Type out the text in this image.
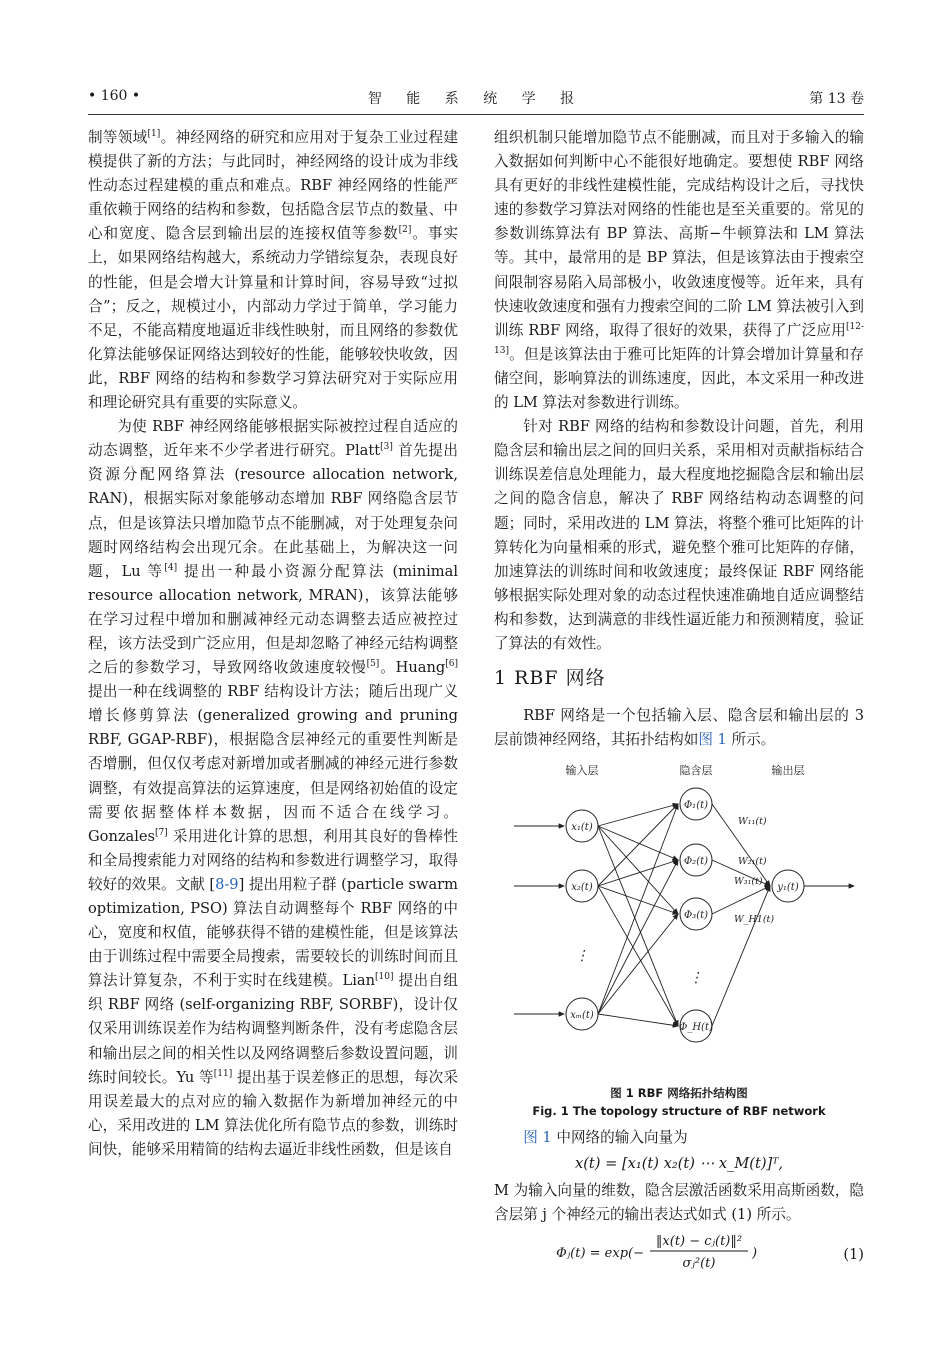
• 160 •	智 能 系 统 学 报	第 13 卷

制等领域[1]。神经网络的研究和应用对于复杂工业过程建模提供了新的方法；与此同时，神经网络的设计成为非线性动态过程建模的重点和难点。RBF 神经网络的性能严重依赖于网络的结构和参数，包括隐含层节点的数量、中心和宽度、隐含层到输出层的连接权值等参数[2]。事实上，如果网络结构越大，系统动力学错综复杂，表现良好的性能，但是会增大计算量和计算时间，容易导致“过拟合”；反之，规模过小，内部动力学过于简单，学习能力不足，不能高精度地逼近非线性映射，而且网络的参数优化算法能够保证网络达到较好的性能，能够较快收敛，因此，RBF 网络的结构和参数学习算法研究对于实际应用和理论研究具有重要的实际意义。

为使 RBF 神经网络能够根据实际被控过程自适应的动态调整，近年来不少学者进行研究。Platt[3] 首先提出资源分配网络算法 (resource allocation network, RAN)，根据实际对象能够动态增加 RBF 网络隐含层节点，但是该算法只增加隐节点不能删减，对于处理复杂问题时网络结构会出现冗余。在此基础上，为解决这一问题，Lu 等[4] 提出一种最小资源分配算法 (minimal resource allocation network, MRAN)，该算法能够在学习过程中增加和删减神经元动态调整去适应被控过程，该方法受到广泛应用，但是却忽略了神经元结构调整之后的参数学习，导致网络收敛速度较慢[5]。Huang[6] 提出一种在线调整的 RBF 结构设计方法；随后出现广义增长修剪算法 (generalized growing and pruning RBF, GGAP-RBF)，根据隐含层神经元的重要性判断是否增删，但仅仅考虑对新增加或者删减的神经元进行参数调整，有效提高算法的运算速度，但是网络初始值的设定需要依据整体样本数据，因而不适合在线学习。Gonzales[7] 采用进化计算的思想，利用其良好的鲁棒性和全局搜索能力对网络的结构和参数进行调整学习，取得较好的效果。文献 [8-9] 提出用粒子群 (particle swarm optimization, PSO) 算法自动调整每个 RBF 网络的中心，宽度和权值，能够获得不错的建模性能，但是该算法由于训练过程中需要全局搜索，需要较长的训练时间而且算法计算复杂，不利于实时在线建模。Lian[10] 提出自组织 RBF 网络 (self-organizing RBF, SORBF)，设计仅仅采用训练误差作为结构调整判断条件，没有考虑隐含层和输出层之间的相关性以及网络调整后参数设置问题，训练时间较长。Yu 等[11] 提出基于误差修正的思想，每次采用误差最大的点对应的输入数据作为新增加神经元的中心，采用改进的 LM 算法优化所有隐节点的参数，训练时间快，能够采用精简的结构去逼近非线性函数，但是该自

组织机制只能增加隐节点不能删减，而且对于多输入的输入数据如何判断中心不能很好地确定。要想使 RBF 网络具有更好的非线性建模性能，完成结构设计之后，寻找快速的参数学习算法对网络的性能也是至关重要的。常见的参数训练算法有 BP 算法、高斯−牛顿算法和 LM 算法等。其中，最常用的是 BP 算法，但是该算法由于搜索空间限制容易陷入局部极小，收敛速度慢等。近年来，具有快速收敛速度和强有力搜索空间的二阶 LM 算法被引入到训练 RBF 网络，取得了很好的效果，获得了广泛应用[12-13]。但是该算法由于雅可比矩阵的计算会增加计算量和存储空间，影响算法的训练速度，因此，本文采用一种改进的 LM 算法对参数进行训练。

针对 RBF 网络的结构和参数设计问题，首先，利用隐含层和输出层之间的回归关系，采用相对贡献指标结合训练误差信息处理能力，最大程度地挖掘隐含层和输出层之间的隐含信息，解决了 RBF 网络结构动态调整的问题；同时，采用改进的 LM 算法，将整个雅可比矩阵的计算转化为向量相乘的形式，避免整个雅可比矩阵的存储，加速算法的训练时间和收敛速度；最终保证 RBF 网络能够根据实际处理对象的动态过程快速准确地自适应调整结构和参数，达到满意的非线性逼近能力和预测精度，验证了算法的有效性。

1 RBF 网络

RBF 网络是一个包括输入层、隐含层和输出层的 3 层前馈神经网络，其拓扑结构如图 1 所示。

输入层	隐含层	输出层
x₁(t)
x₂(t)
⋮
xₘ(t)
Φ₁(t)
Φ₂(t)
Φ₃(t)
⋮
Φ_H(t)
y₁(t)
W₁₁(t)
W₂₁(t)
W₃₁(t)
W_H1(t)
图 1 RBF 网络拓扑结构图
Fig. 1 The topology structure of RBF network

图 1 中网络的输入向量为

x(t) = [x₁(t) x₂(t) ⋯ x_M(t)]ᵀ,

M 为输入向量的维数，隐含层激活函数采用高斯函数，隐含层第 j 个神经元的输出表达式如式 (1) 所示。

Φⱼ(t) = exp(−
‖x(t) − cⱼ(t)‖²
σⱼ²(t)
)	(1)
